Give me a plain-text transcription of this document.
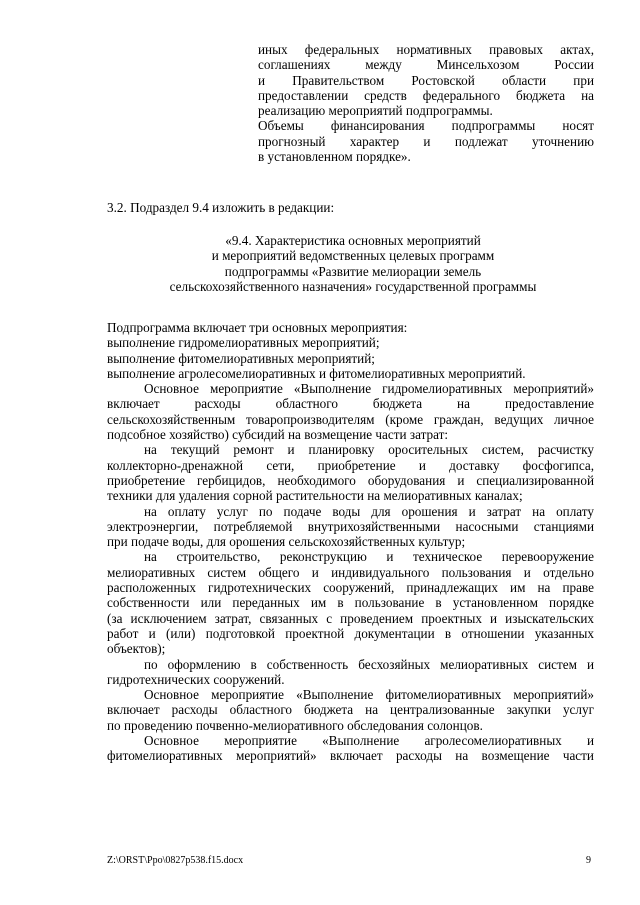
иных федеральных нормативных правовых актах,
соглашениях между Минсельхозом России
и Правительством Ростовской области при
предоставлении средств федерального бюджета на
реализацию мероприятий подпрограммы.
Объемы финансирования подпрограммы носят
прогнозный характер и подлежат уточнению
в установленном порядке».

3.2. Подраздел 9.4 изложить в редакции:

«9.4. Характеристика основных мероприятий
и мероприятий ведомственных целевых программ
подпрограммы «Развитие мелиорации земель
сельскохозяйственного назначения» государственной программы
Подпрограмма включает три основных мероприятия:
выполнение гидромелиоративных мероприятий;
выполнение фитомелиоративных мероприятий;
выполнение агролесомелиоративных и фитомелиоративных мероприятий.
Основное мероприятие «Выполнение гидромелиоративных мероприятий»
включает расходы областного бюджета на предоставление
сельскохозяйственным товаропроизводителям (кроме граждан, ведущих личное
подсобное хозяйство) субсидий на возмещение части затрат:
на текущий ремонт и планировку оросительных систем, расчистку
коллекторно-дренажной сети, приобретение и доставку фосфогипса,
приобретение гербицидов, необходимого оборудования и специализированной
техники для удаления сорной растительности на мелиоративных каналах;
на оплату услуг по подаче воды для орошения и затрат на оплату
электроэнергии, потребляемой внутрихозяйственными насосными станциями
при подаче воды, для орошения сельскохозяйственных культур;
на строительство, реконструкцию и техническое перевооружение
мелиоративных систем общего и индивидуального пользования и отдельно
расположенных гидротехнических сооружений, принадлежащих им на праве
собственности или переданных им в пользование в установленном порядке
(за исключением затрат, связанных с проведением проектных и изыскательских
работ и (или) подготовкой проектной документации в отношении указанных
объектов);
по оформлению в собственность бесхозяйных мелиоративных систем и
гидротехнических сооружений.
Основное мероприятие «Выполнение фитомелиоративных мероприятий»
включает расходы областного бюджета на централизованные закупки услуг
по проведению почвенно-мелиоративного обследования солонцов.
Основное мероприятие «Выполнение агролесомелиоративных и
фитомелиоративных мероприятий» включает расходы на возмещение части
Z:\ORST\Ppo\0827p538.f15.docx	9
